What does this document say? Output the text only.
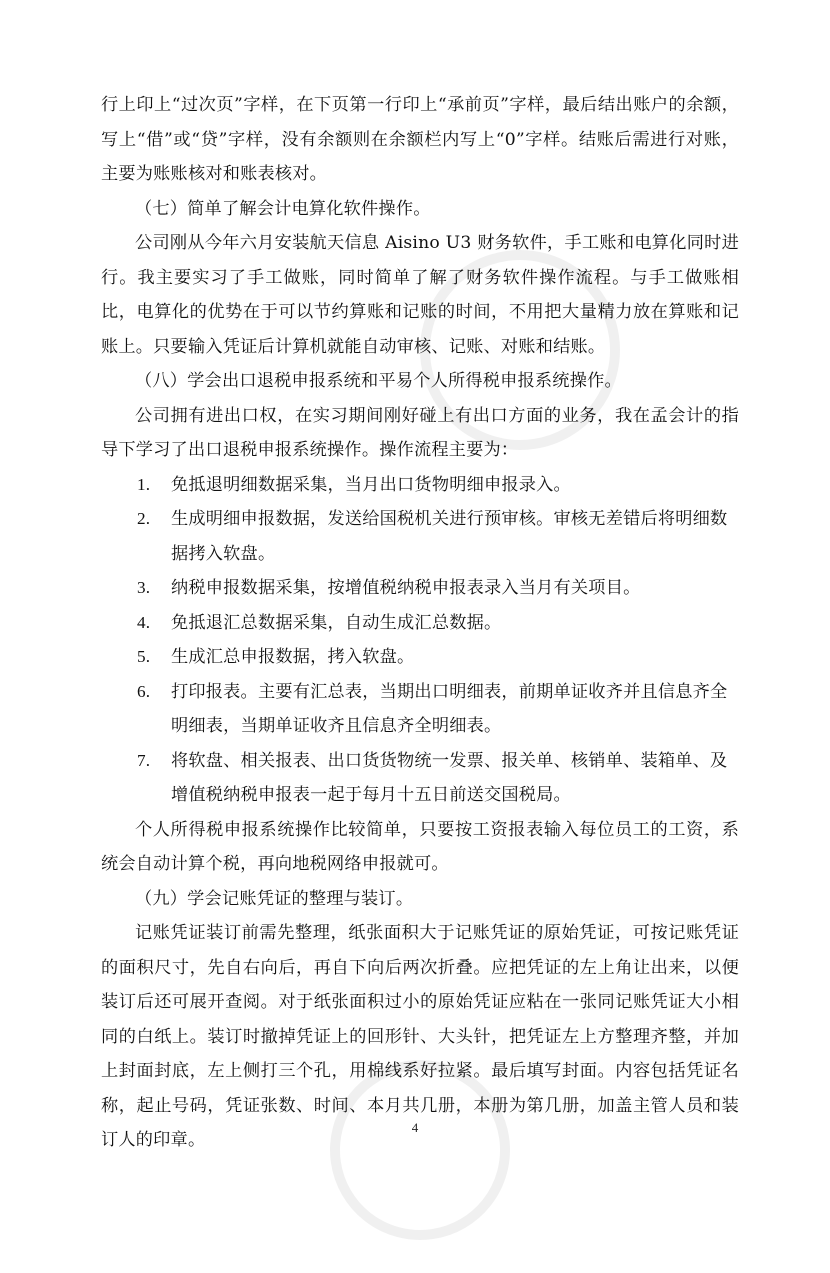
行上印上“过次页”字样，在下页第一行印上“承前页”字样，最后结出账户的余额，写上“借”或“贷”字样，没有余额则在余额栏内写上“0”字样。结账后需进行对账，主要为账账核对和账表核对。

（七）简单了解会计电算化软件操作。

公司刚从今年六月安装航天信息 Aisino U3 财务软件，手工账和电算化同时进行。我主要实习了手工做账，同时简单了解了财务软件操作流程。与手工做账相比，电算化的优势在于可以节约算账和记账的时间，不用把大量精力放在算账和记账上。只要输入凭证后计算机就能自动审核、记账、对账和结账。

（八）学会出口退税申报系统和平易个人所得税申报系统操作。

公司拥有进出口权，在实习期间刚好碰上有出口方面的业务，我在孟会计的指导下学习了出口退税申报系统操作。操作流程主要为：

1.	免抵退明细数据采集，当月出口货物明细申报录入。
2.	生成明细申报数据，发送给国税机关进行预审核。审核无差错后将明细数据拷入软盘。
3.	纳税申报数据采集，按增值税纳税申报表录入当月有关项目。
4.	免抵退汇总数据采集，自动生成汇总数据。
5.	生成汇总申报数据，拷入软盘。
6.	打印报表。主要有汇总表，当期出口明细表，前期单证收齐并且信息齐全明细表，当期单证收齐且信息齐全明细表。
7.	将软盘、相关报表、出口货货物统一发票、报关单、核销单、装箱单、及增值税纳税申报表一起于每月十五日前送交国税局。

个人所得税申报系统操作比较简单，只要按工资报表输入每位员工的工资，系统会自动计算个税，再向地税网络申报就可。

（九）学会记账凭证的整理与装订。

记账凭证装订前需先整理，纸张面积大于记账凭证的原始凭证，可按记账凭证的面积尺寸，先自右向后，再自下向后两次折叠。应把凭证的左上角让出来，以便装订后还可展开查阅。对于纸张面积过小的原始凭证应粘在一张同记账凭证大小相同的白纸上。装订时撤掉凭证上的回形针、大头针，把凭证左上方整理齐整，并加上封面封底，左上侧打三个孔，用棉线系好拉紧。最后填写封面。内容包括凭证名称，起止号码，凭证张数、时间、本月共几册，本册为第几册，加盖主管人员和装订人的印章。

4
